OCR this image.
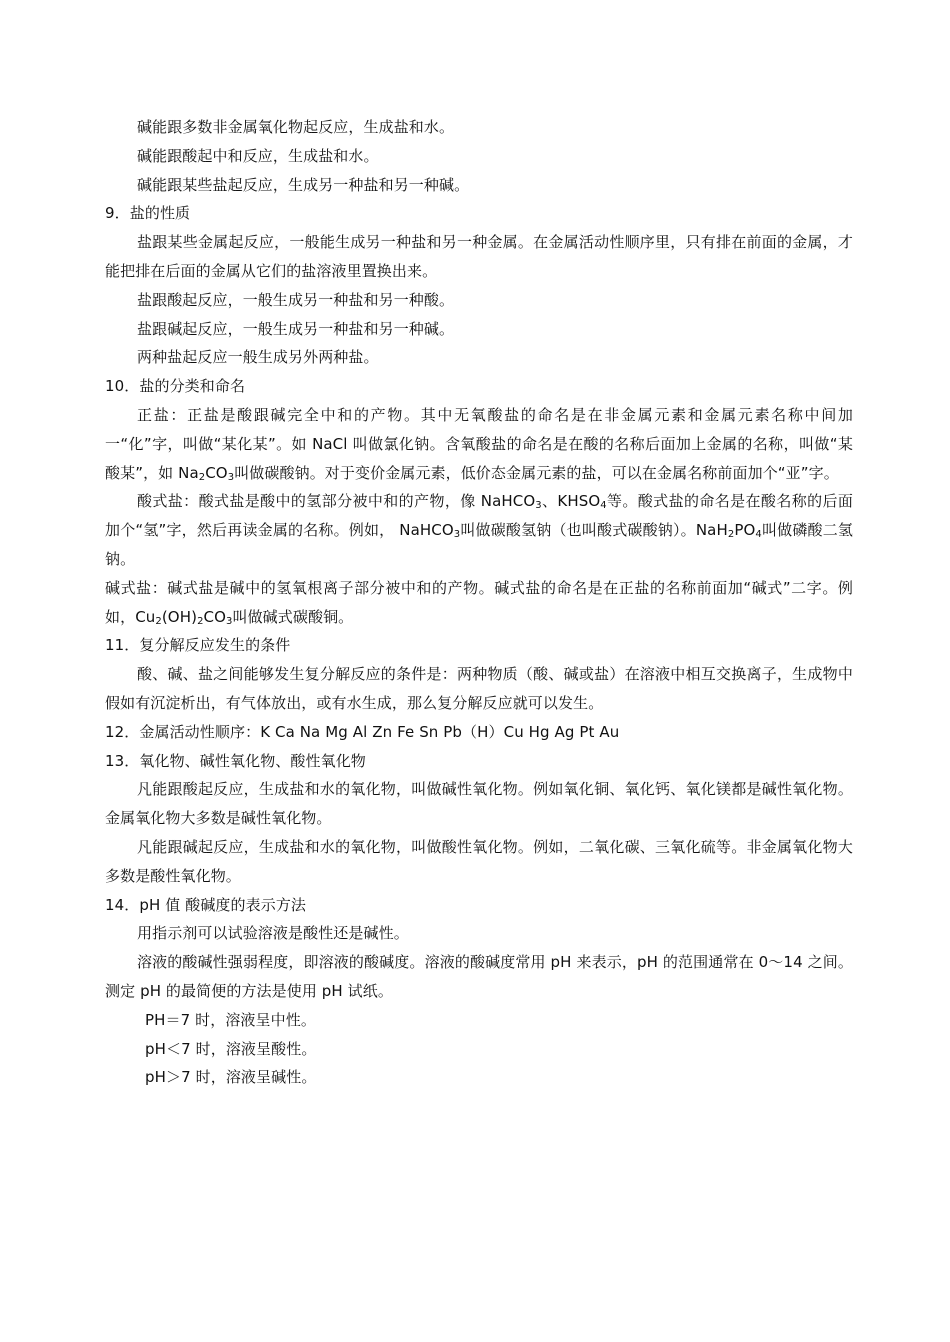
碱能跟多数非金属氧化物起反应，生成盐和水。

碱能跟酸起中和反应，生成盐和水。

碱能跟某些盐起反应，生成另一种盐和另一种碱。

9．盐的性质

盐跟某些金属起反应，一般能生成另一种盐和另一种金属。在金属活动性顺序里，只有排在前面的金属，才能把排在后面的金属从它们的盐溶液里置换出来。

盐跟酸起反应，一般生成另一种盐和另一种酸。

盐跟碱起反应，一般生成另一种盐和另一种碱。

两种盐起反应一般生成另外两种盐。

10．盐的分类和命名

正盐：正盐是酸跟碱完全中和的产物。其中无氧酸盐的命名是在非金属元素和金属元素名称中间加一“化”字，叫做“某化某”。如 NaCl 叫做氯化钠。含氧酸盐的命名是在酸的名称后面加上金属的名称，叫做“某酸某”，如 $Na_2CO_3$叫做碳酸钠。对于变价金属元素，低价态金属元素的盐，可以在金属名称前面加个“亚”字。

酸式盐：酸式盐是酸中的氢部分被中和的产物，像 NaHCO$_3$、$KHSO_4$等。酸式盐的命名是在酸名称的后面加个“氢”字，然后再读金属的名称。例如， NaHCO$_3$叫做碳酸氢钠（也叫酸式碳酸钠）。$NaH_2PO_4$叫做磷酸二氢钠。

碱式盐：碱式盐是碱中的氢氧根离子部分被中和的产物。碱式盐的命名是在正盐的名称前面加“碱式”二字。例如，$Cu_2(OH)_2CO_3$叫做碱式碳酸铜。

11．复分解反应发生的条件

酸、碱、盐之间能够发生复分解反应的条件是：两种物质（酸、碱或盐）在溶液中相互交换离子，生成物中假如有沉淀析出，有气体放出，或有水生成，那么复分解反应就可以发生。

12．金属活动性顺序：K Ca Na Mg Al Zn Fe Sn Pb（H）Cu Hg Ag Pt Au

13．氧化物、碱性氧化物、酸性氧化物

凡能跟酸起反应，生成盐和水的氧化物，叫做碱性氧化物。例如氧化铜、氧化钙、氧化镁都是碱性氧化物。金属氧化物大多数是碱性氧化物。

凡能跟碱起反应，生成盐和水的氧化物，叫做酸性氧化物。例如，二氧化碳、三氧化硫等。非金属氧化物大多数是酸性氧化物。

14．pH 值 酸碱度的表示方法

用指示剂可以试验溶液是酸性还是碱性。

溶液的酸碱性强弱程度，即溶液的酸碱度。溶液的酸碱度常用 pH 来表示，pH 的范围通常在 0～14 之间。测定 pH 的最简便的方法是使用 pH 试纸。

PH＝7 时，溶液呈中性。

pH＜7 时，溶液呈酸性。

pH＞7 时，溶液呈碱性。
